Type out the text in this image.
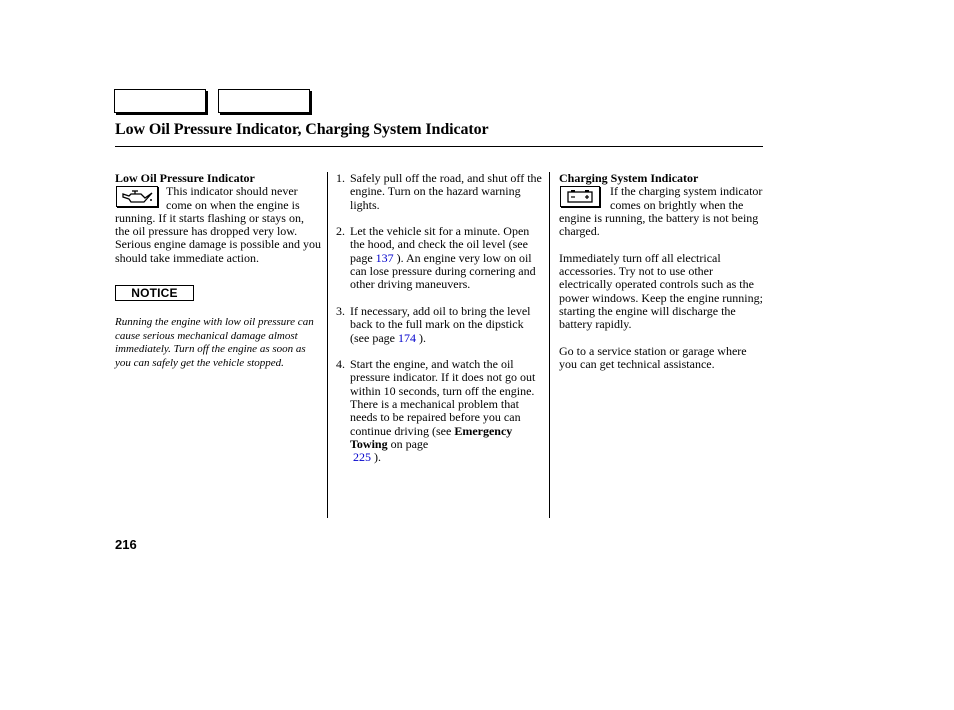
Low Oil Pressure Indicator, Charging System Indicator
Low Oil Pressure Indicator

This indicator should never come on when the engine is running. If it starts flashing or stays on, the oil pressure has dropped very low. Serious engine damage is possible and you should take immediate action.

NOTICE

Running the engine with low oil pressure can cause serious mechanical damage almost immediately. Turn off the engine as soon as you can safely get the vehicle stopped.

1. Safely pull off the road, and shut off the engine. Turn on the hazard warning lights.
2. Let the vehicle sit for a minute. Open the hood, and check the oil level (see page 137 ). An engine very low on oil can lose pressure during cornering and other driving maneuvers.
3. If necessary, add oil to bring the level back to the full mark on the dipstick (see page 174 ).
4. Start the engine, and watch the oil pressure indicator. If it does not go out within 10 seconds, turn off the engine. There is a mechanical problem that needs to be repaired before you can continue driving (see Emergency Towing on page
225 ).
Charging System Indicator

If the charging system indicator comes on brightly when the engine is running, the battery is not being charged.

Immediately turn off all electrical accessories. Try not to use other electrically operated controls such as the power windows. Keep the engine running; starting the engine will discharge the battery rapidly.

Go to a service station or garage where you can get technical assistance.

216
